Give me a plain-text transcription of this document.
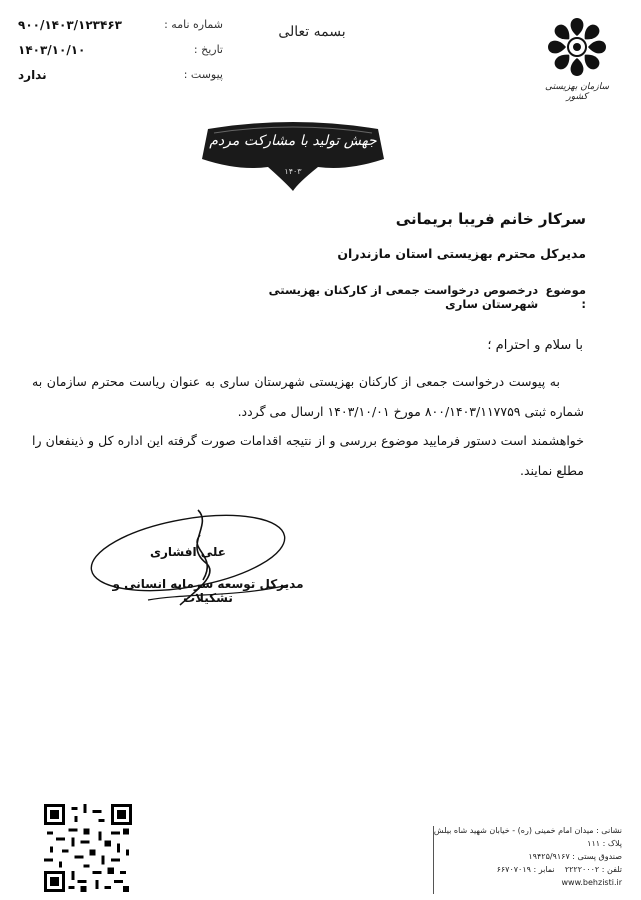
شماره نامه :
۹۰۰/۱۴۰۳/۱۲۳۴۶۳
تاریخ :
۱۴۰۳/۱۰/۱۰
پیوست :
ندارد
بسمه تعالی
سازمان بهزیستی کشور
جهش تولید با مشارکت مردم
۱۴۰۳
سرکار خانم فریبا بریمانی
مدیرکل محترم بهزیستی استان مازندران
موضوع :
درخصوص درخواست جمعی از کارکنان بهزیستی شهرستان ساری
با سلام و احترام ؛

به پیوست درخواست جمعی از کارکنان بهزیستی شهرستان ساری به عنوان ریاست محترم سازمان به شماره ثبتی ۸۰۰/۱۴۰۳/۱۱۷۷۵۹ مورخ ۱۴۰۳/۱۰/۰۱ ارسال می گردد.

خواهشمند است دستور فرمایید موضوع بررسی و از نتیجه اقدامات صورت گرفته این اداره کل و ذینفعان را مطلع نمایند.

علی افشاری
مدیرکل توسعه سرمایه انسانی و تشکیلات
نشانی : میدان امام خمینی (ره) - خیابان شهید شاه بیلش
پلاک : ۱۱۱
صندوق پستی : ۱۹۴۲۵/۹۱۶۷
تلفن : ۲۲۲۲۰۰۰۲    نمابر : ۶۶۷۰۷۰۱۹
www.behzisti.ir
